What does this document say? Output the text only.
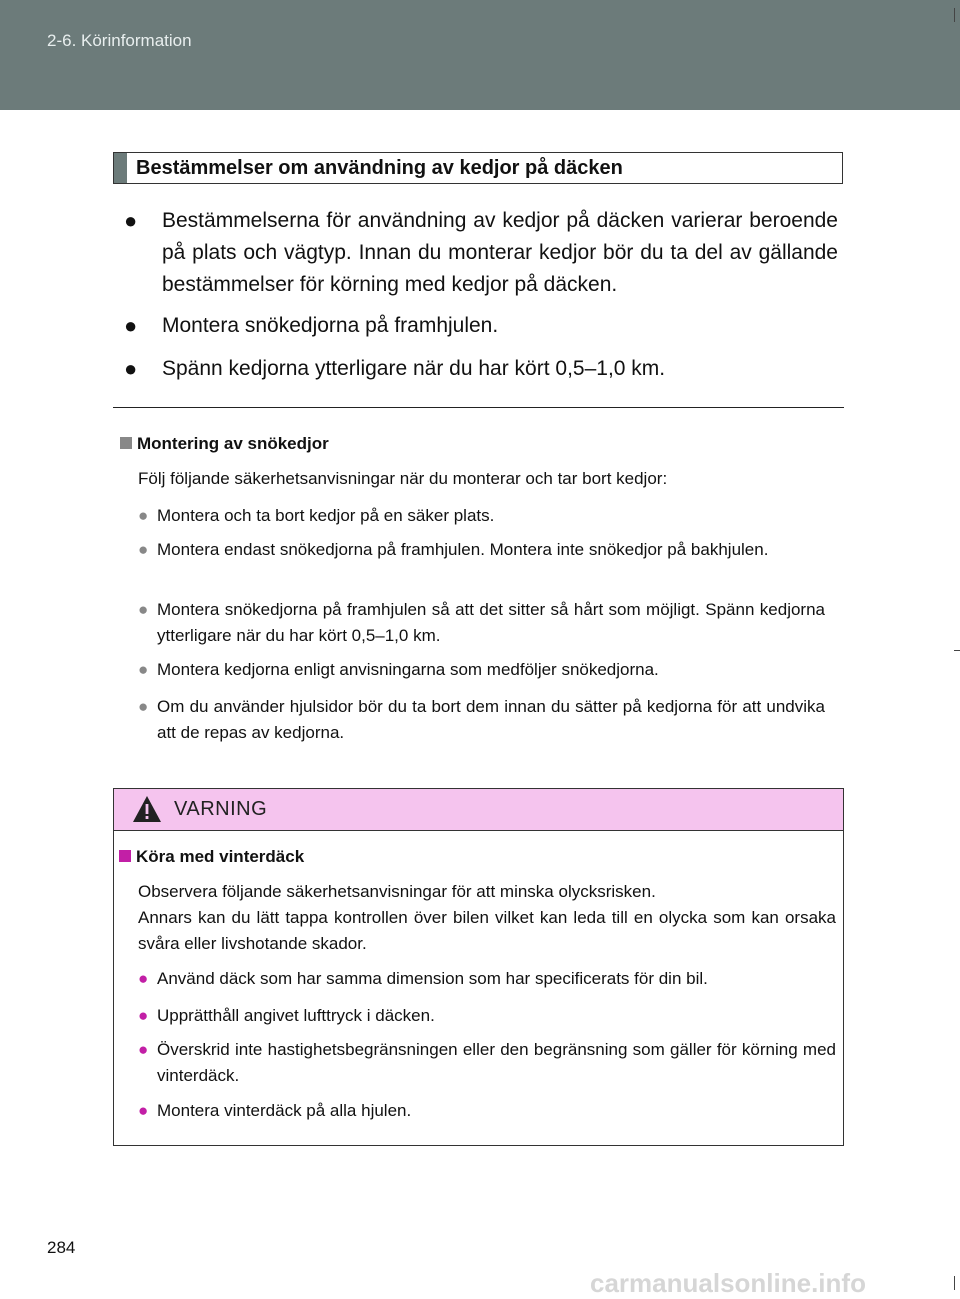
2-6. Körinformation
Bestämmelser om användning av kedjor på däcken
● Bestämmelserna för användning av kedjor på däcken varierar beroende på plats och vägtyp. Innan du monterar kedjor bör du ta del av gällande bestämmelser för körning med kedjor på däcken.
● Montera snökedjorna på framhjulen.
● Spänn kedjorna ytterligare när du har kört 0,5–1,0 km.
Montering av snökedjor
Följ följande säkerhetsanvisningar när du monterar och tar bort kedjor:
● Montera och ta bort kedjor på en säker plats.
● Montera endast snökedjorna på framhjulen. Montera inte snökedjor på bakhjulen.
● Montera snökedjorna på framhjulen så att det sitter så hårt som möjligt. Spänn kedjorna ytterligare när du har kört 0,5–1,0 km.
● Montera kedjorna enligt anvisningarna som medföljer snökedjorna.
● Om du använder hjulsidor bör du ta bort dem innan du sätter på kedjorna för att undvika att de repas av kedjorna.
VARNING
Köra med vinterdäck
Observera följande säkerhetsanvisningar för att minska olycksrisken.
Annars kan du lätt tappa kontrollen över bilen vilket kan leda till en olycka som kan orsaka svåra eller livshotande skador.
● Använd däck som har samma dimension som har specificerats för din bil.
● Upprätthåll angivet lufttryck i däcken.
● Överskrid inte hastighetsbegränsningen eller den begränsning som gäller för körning med vinterdäck.
● Montera vinterdäck på alla hjulen.
284
carmanualsonline.info
